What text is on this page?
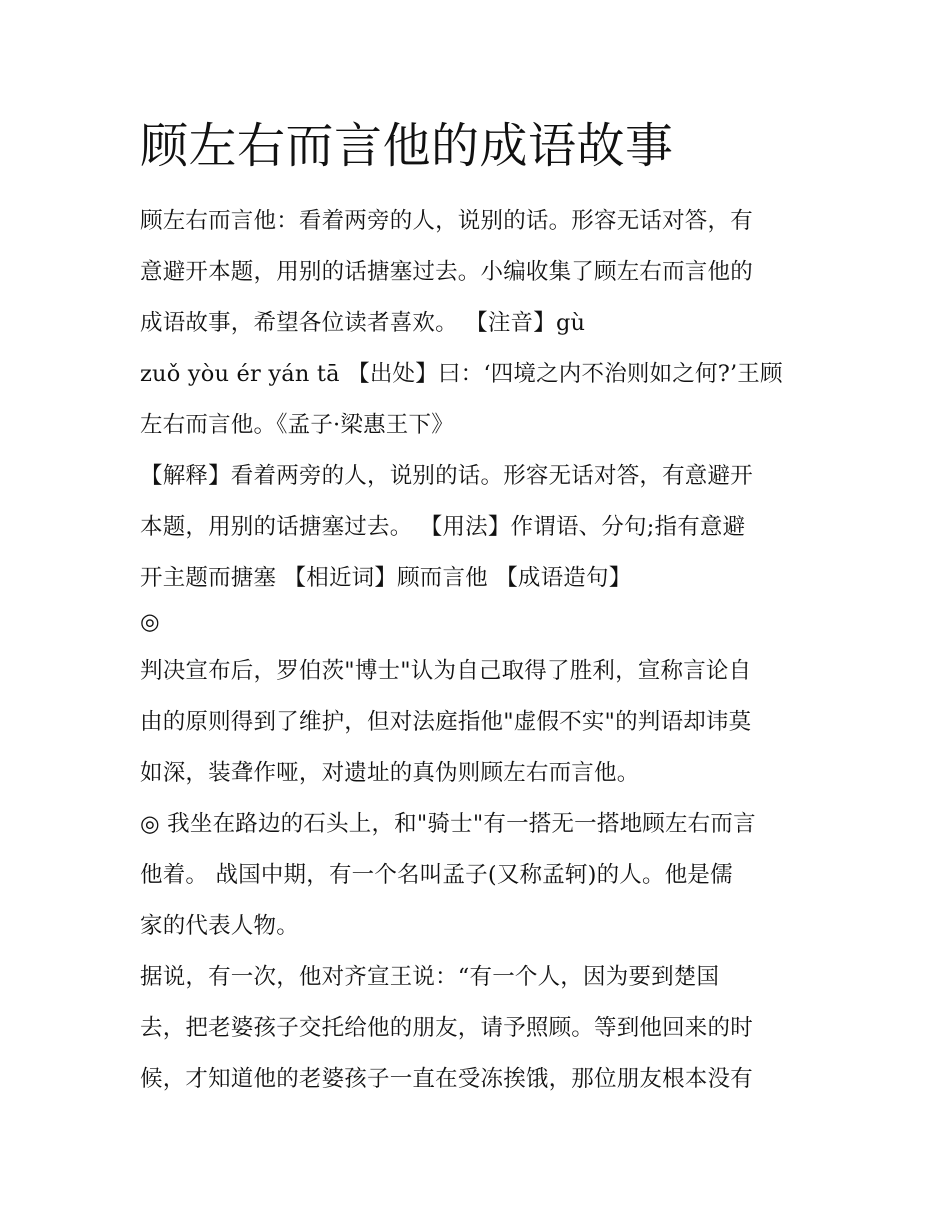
顾左右而言他的成语故事

顾左右而言他：看着两旁的人，说别的话。形容无话对答，有

意避开本题，用别的话搪塞过去。小编收集了顾左右而言他的

成语故事，希望各位读者喜欢。 【注音】gù

zuǒ yòu ér yán tā 【出处】曰：‘四境之内不治则如之何?’王顾

左右而言他。《孟子·梁惠王下》

【解释】看着两旁的人，说别的话。形容无话对答，有意避开

本题，用别的话搪塞过去。 【用法】作谓语、分句;指有意避

开主题而搪塞 【相近词】顾而言他 【成语造句】

◎

判决宣布后，罗伯茨"博士"认为自己取得了胜利，宣称言论自

由的原则得到了维护，但对法庭指他"虚假不实"的判语却讳莫

如深，装聋作哑，对遗址的真伪则顾左右而言他。

◎ 我坐在路边的石头上，和"骑士"有一搭无一搭地顾左右而言

他着。 战国中期，有一个名叫孟子(又称孟轲)的人。他是儒

家的代表人物。

据说，有一次，他对齐宣王说：“有一个人，因为要到楚国

去，把老婆孩子交托给他的朋友，请予照顾。等到他回来的时

候，才知道他的老婆孩子一直在受冻挨饿，那位朋友根本没有
